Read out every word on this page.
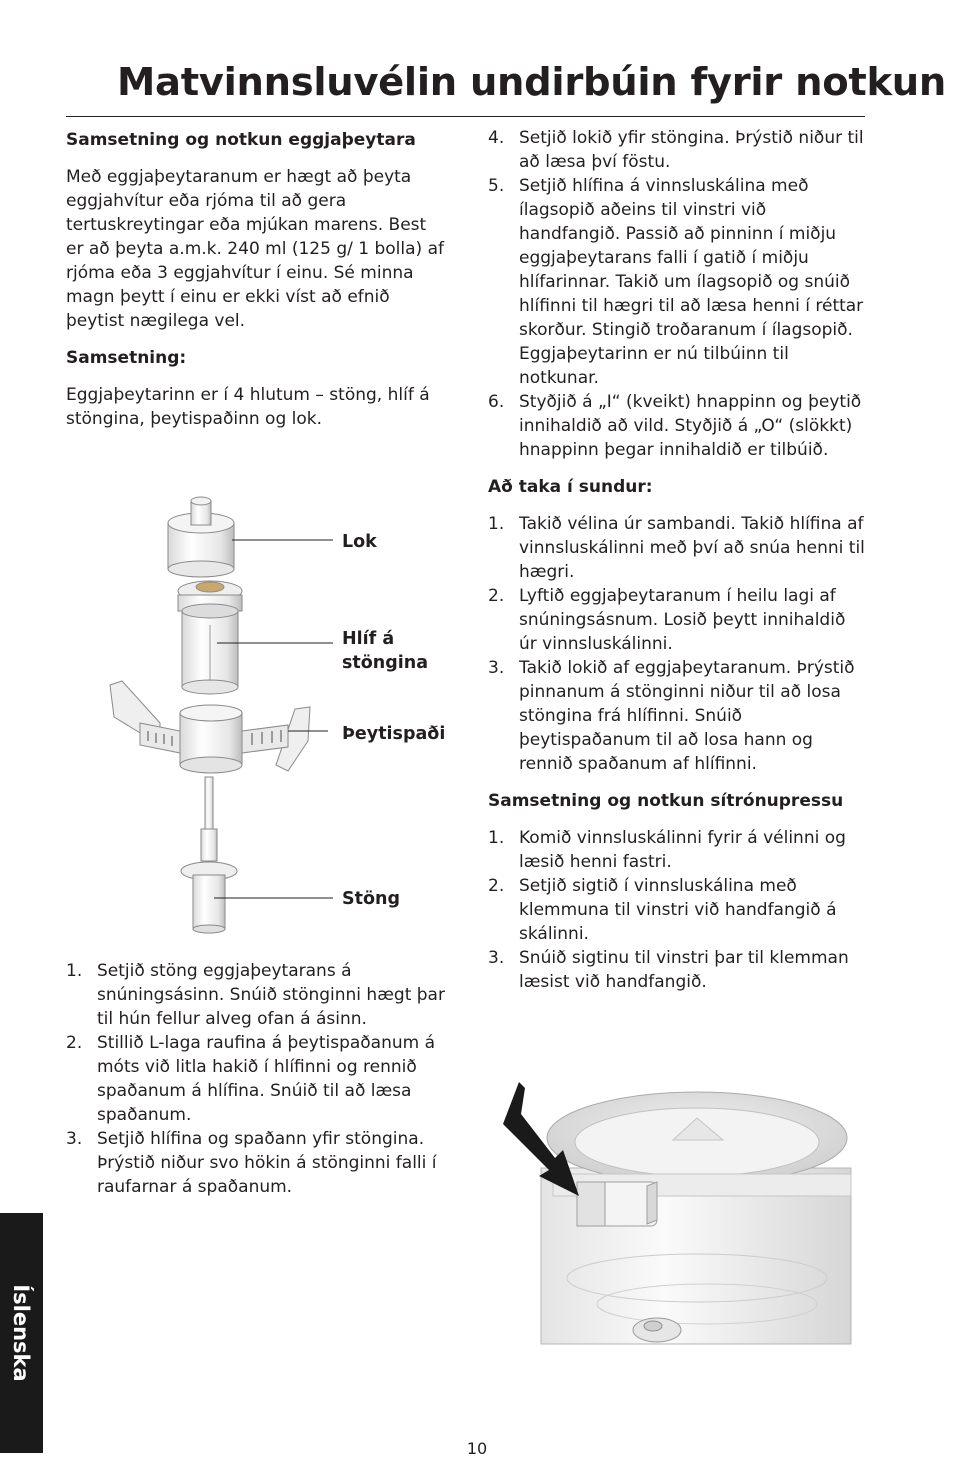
Matvinnsluvélin undirbúin fyrir notkun

Samsetning og notkun eggjaþeytara

Með eggjaþeytaranum er hægt að þeyta eggjahvítur eða rjóma til að gera tertuskreytingar eða mjúkan marens. Best er að þeyta a.m.k. 240 ml (125 g/ 1 bolla) af rjóma eða 3 eggjahvítur í einu. Sé minna magn þeytt í einu er ekki víst að efnið þeytist nægilega vel.

Samsetning:

Eggjaþeytarinn er í 4 hlutum – stöng, hlíf á stöngina, þeytispaðinn og lok.

Lok
Hlíf á
stöngina
Þeytispaði
Stöng
1. Setjið stöng eggjaþeytarans á snúningsásinn. Snúið stönginni hægt þar til hún fellur alveg ofan á ásinn.
2. Stillið L-laga raufina á þeytispaðanum á móts við litla hakið í hlífinni og rennið spaðanum á hlífina. Snúið til að læsa spaðanum.
3. Setjið hlífina og spaðann yfir stöngina. Þrýstið niður svo hökin á stönginni falli í raufarnar á spaðanum.
4. Setjið lokið yfir stöngina. Þrýstið niður til að læsa því föstu.
5. Setjið hlífina á vinnsluskálina með ílagsopið aðeins til vinstri við handfangið. Passið að pinninn í miðju eggjaþeytarans falli í gatið í miðju hlífarinnar. Takið um ílagsopið og snúið hlífinni til hægri til að læsa henni í réttar skorður. Stingið troðaranum í ílagsopið. Eggjaþeytarinn er nú tilbúinn til notkunar.
6. Styðjið á „I“ (kveikt) hnappinn og þeytið innihaldið að vild. Styðjið á „O“ (slökkt) hnappinn þegar innihaldið er tilbúið.

Að taka í sundur:

1. Takið vélina úr sambandi. Takið hlífina af vinnsluskálinni með því að snúa henni til hægri.
2. Lyftið eggjaþeytaranum í heilu lagi af snúningsásnum. Losið þeytt innihaldið úr vinnsluskálinni.
3. Takið lokið af eggjaþeytaranum. Þrýstið pinnanum á stönginni niður til að losa stöngina frá hlífinni. Snúið þeytispaðanum til að losa hann og rennið spaðanum af hlífinni.

Samsetning og notkun sítrónupressu

1. Komið vinnsluskálinni fyrir á vélinni og læsið henni fastri.
2. Setjið sigtið í vinnsluskálina með klemmuna til vinstri við handfangið á skálinni.
3. Snúið sigtinu til vinstri þar til klemman læsist við handfangið.
Íslenska
10
